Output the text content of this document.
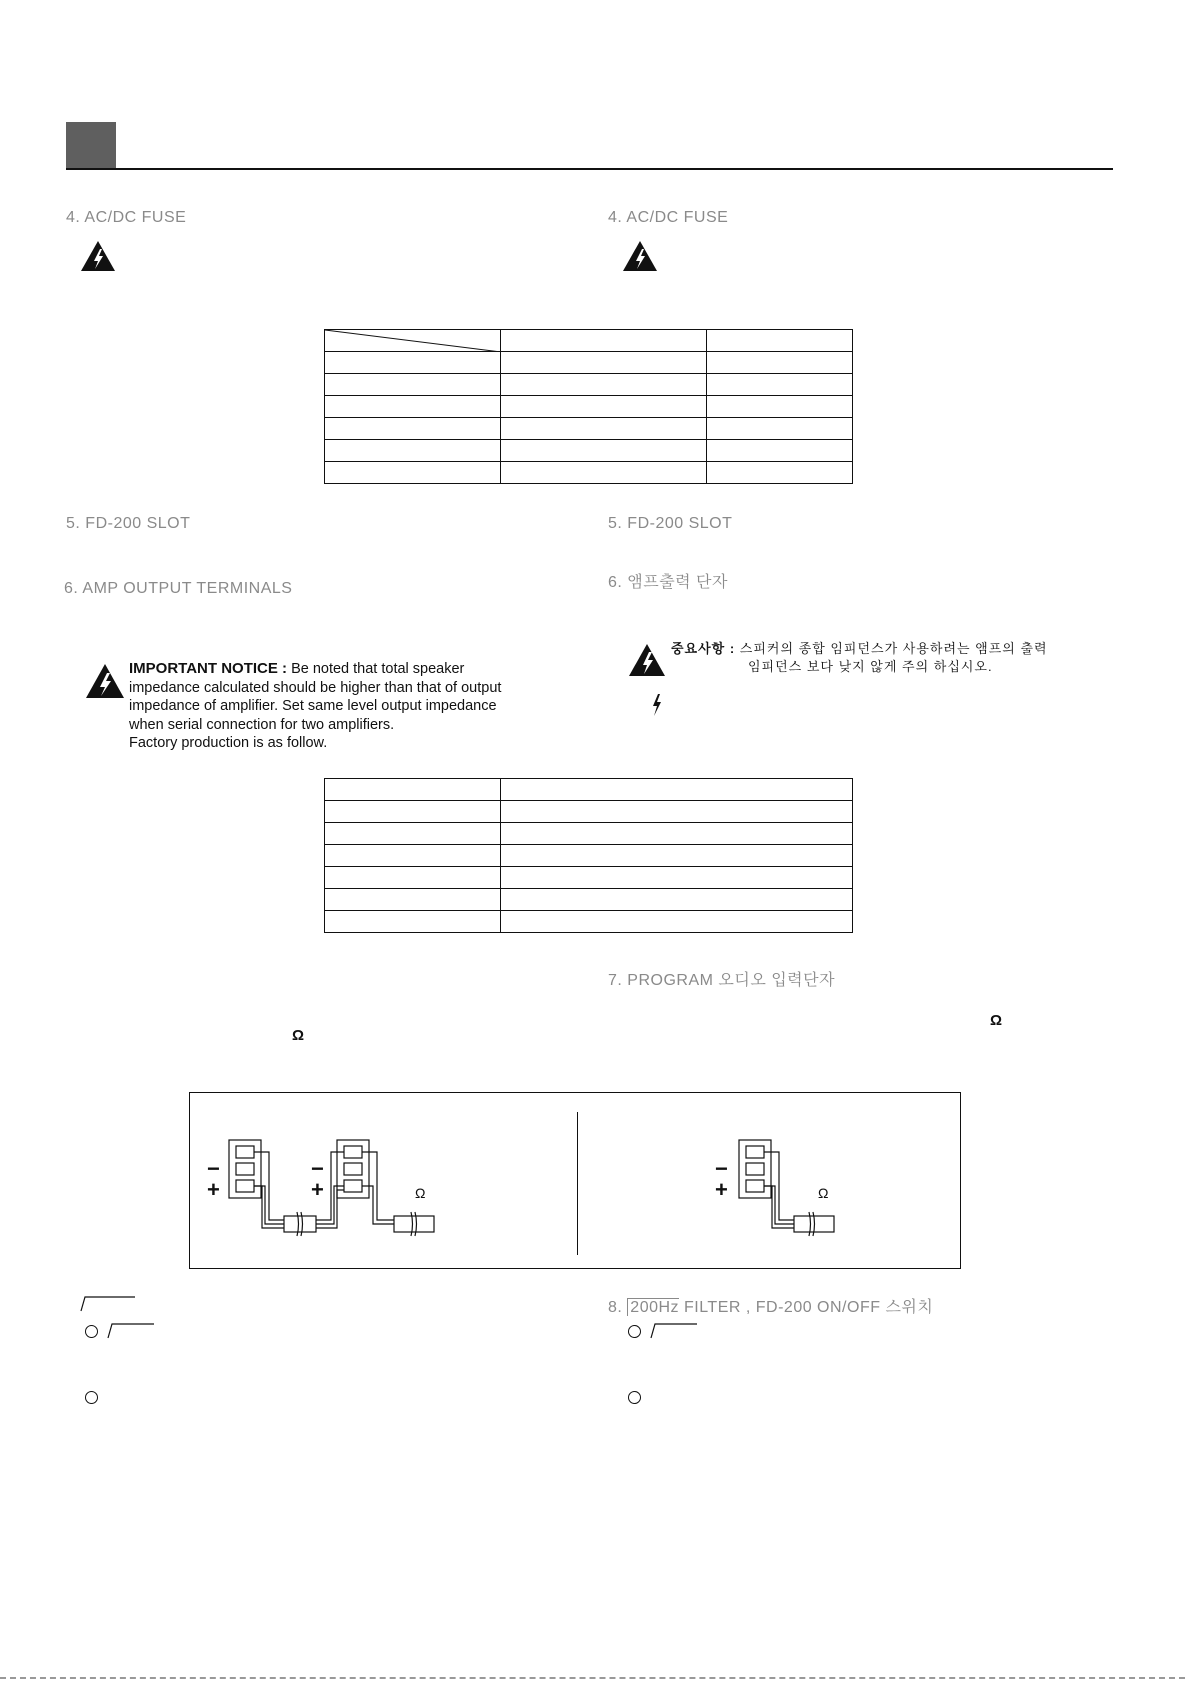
4. AC/DC FUSE	4. AC/DC FUSE

5. FD-200 SLOT	5. FD-200 SLOT
6. AMP OUTPUT TERMINALS	6. 앰프출력 단자
IMPORTANT NOTICE : Be noted that total speaker
impedance calculated should be higher than that of output
impedance of amplifier. Set same level output impedance
when serial connection for two amplifiers.
Factory production is as follow.
중요사항 : 스피커의 종합 임피던스가 사용하려는 앰프의 출력
임피던스 보다 낮지 않게 주의 하십시오.

7. PROGRAM 오디오 입력단자
Ω
Ω
−
+
−
+	Ω
−
+	Ω
8. 200Hz FILTER , FD-200 ON/OFF 스위치
